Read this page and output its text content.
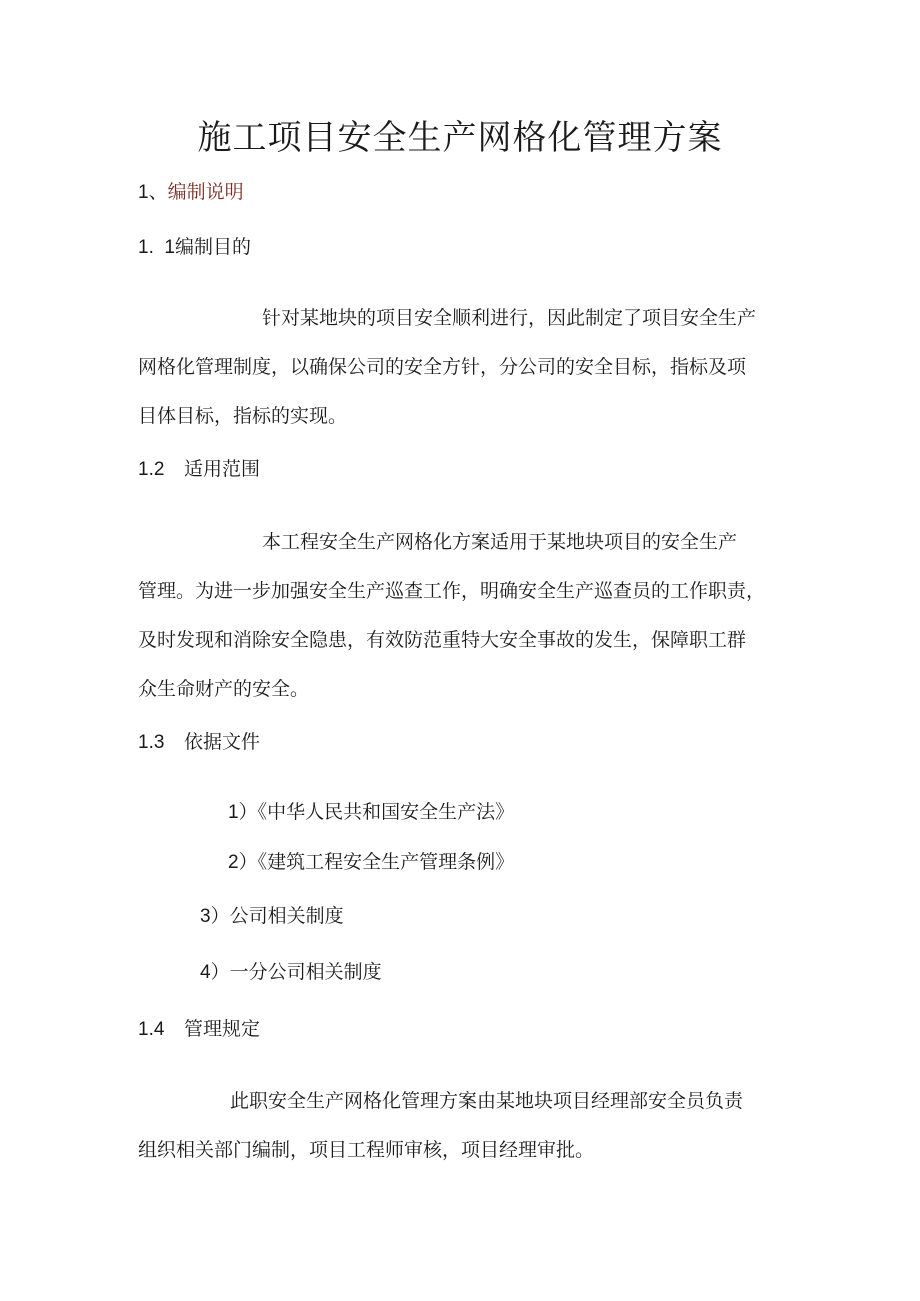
施工项目安全生产网格化管理方案
1、编制说明
1.  1编制目的
针对某地块的项目安全顺利进行，因此制定了项目安全生产
网格化管理制度，以确保公司的安全方针，分公司的安全目标，指标及项
目体目标，指标的实现。
1.2 适用范围
本工程安全生产网格化方案适用于某地块项目的安全生产
管理。为进一步加强安全生产巡查工作，明确安全生产巡查员的工作职责，
及时发现和消除安全隐患，有效防范重特大安全事故的发生，保障职工群
众生命财产的安全。
1.3 依据文件
1）《中华人民共和国安全生产法》
2）《建筑工程安全生产管理条例》
3）公司相关制度
4）一分公司相关制度
1.4 管理规定
此职安全生产网格化管理方案由某地块项目经理部安全员负责
组织相关部门编制，项目工程师审核，项目经理审批。
